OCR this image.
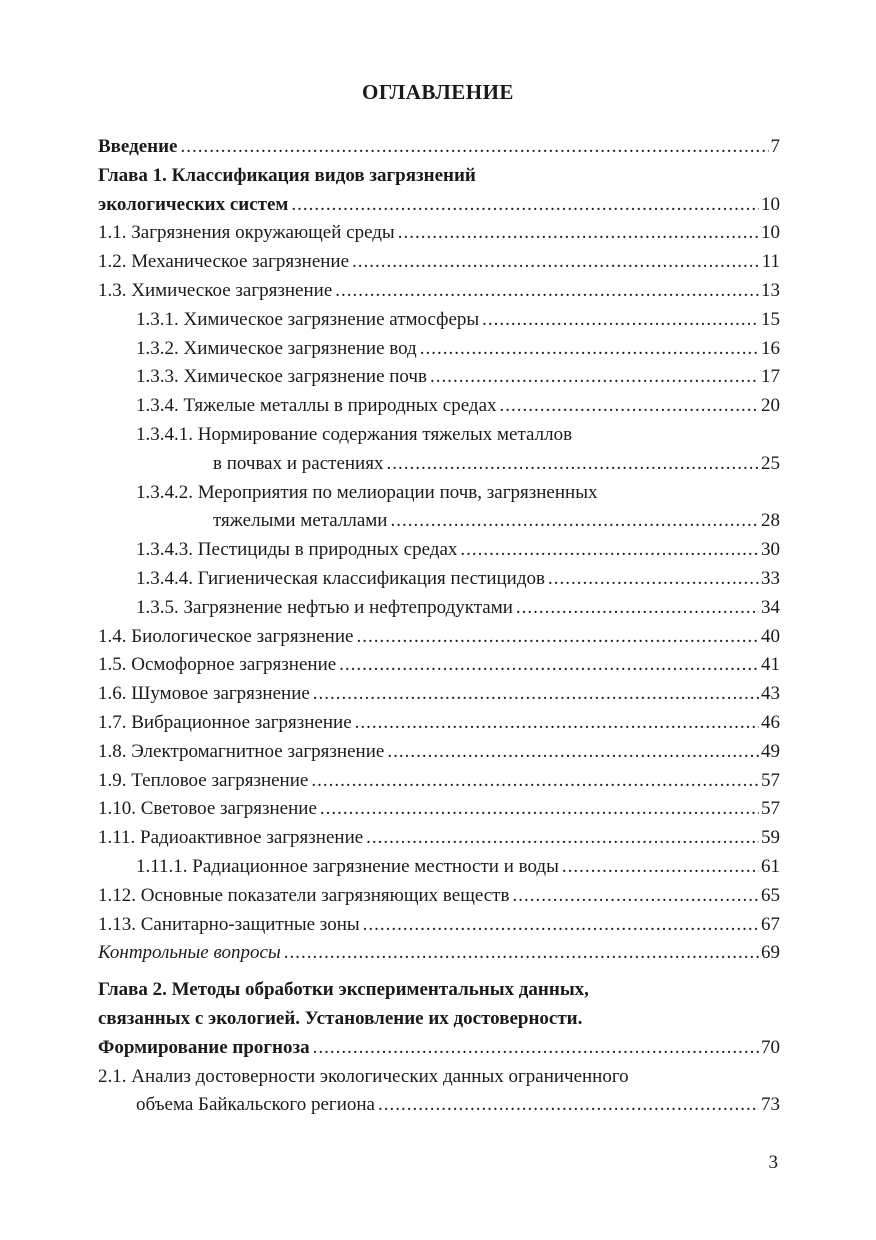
ОГЛАВЛЕНИЕ
Введение .....	7
Глава 1. Классификация видов загрязнений
экологических систем .....	10
1.1. Загрязнения окружающей среды .....	10
1.2. Механическое загрязнение .....	11
1.3. Химическое загрязнение .....	13
1.3.1. Химическое загрязнение атмосферы .....	15
1.3.2. Химическое загрязнение вод .....	16
1.3.3. Химическое загрязнение почв .....	17
1.3.4. Тяжелые металлы в природных средах .....	20
1.3.4.1. Нормирование содержания тяжелых металлов
в почвах и растениях .....	25
1.3.4.2. Мероприятия по мелиорации почв, загрязненных
тяжелыми металлами .....	28
1.3.4.3. Пестициды в природных средах .....	30
1.3.4.4. Гигиеническая классификация пестицидов .....	33
1.3.5. Загрязнение нефтью и нефтепродуктами .....	34
1.4. Биологическое загрязнение .....	40
1.5. Осмофорное загрязнение .....	41
1.6. Шумовое загрязнение .....	43
1.7. Вибрационное загрязнение .....	46
1.8. Электромагнитное загрязнение .....	49
1.9. Тепловое загрязнение .....	57
1.10. Световое загрязнение .....	57
1.11. Радиоактивное загрязнение .....	59
1.11.1. Радиационное загрязнение местности и воды .....	61
1.12. Основные показатели загрязняющих веществ .....	65
1.13. Санитарно-защитные зоны .....	67
Контрольные вопросы .....	69
Глава 2. Методы обработки экспериментальных данных,
связанных с экологией. Установление их достоверности.
Формирование прогноза .....	70
2.1. Анализ достоверности экологических данных ограниченного
объема Байкальского региона .....	73
3
